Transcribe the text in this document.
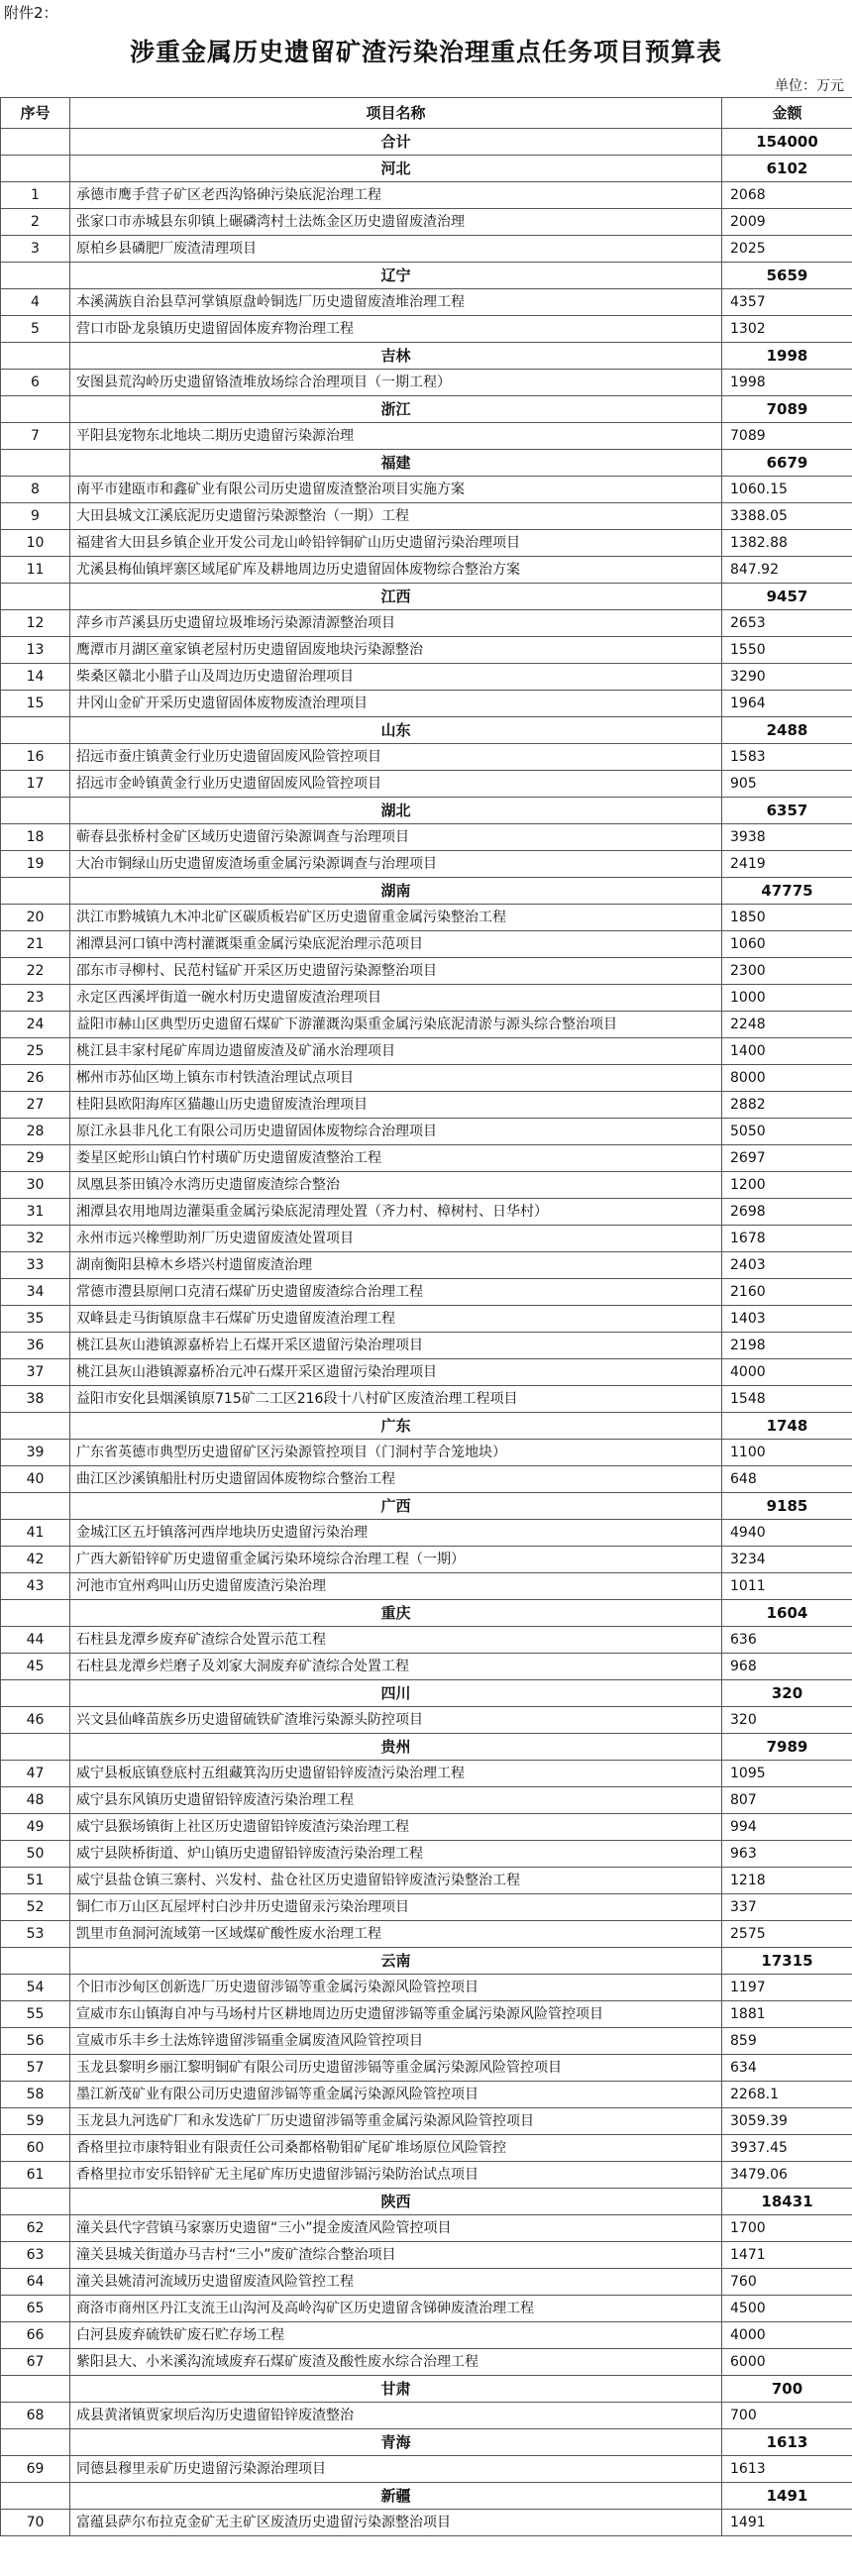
附件2：
涉重金属历史遗留矿渣污染治理重点任务项目预算表
单位：万元
序号	项目名称	金额
	合计	154000
	河北	6102
1	承德市鹰手营子矿区老西沟铬砷污染底泥治理工程	2068
2	张家口市赤城县东卯镇上碾磷湾村土法炼金区历史遗留废渣治理	2009
3	原柏乡县磷肥厂废渣清理项目	2025
	辽宁	5659
4	本溪满族自治县草河掌镇原盘岭铜选厂历史遗留废渣堆治理工程	4357
5	营口市卧龙泉镇历史遗留固体废弃物治理工程	1302
	吉林	1998
6	安图县荒沟岭历史遗留铬渣堆放场综合治理项目（一期工程）	1998
	浙江	7089
7	平阳县宠物东北地块二期历史遗留污染源治理	7089
	福建	6679
8	南平市建瓯市和鑫矿业有限公司历史遗留废渣整治项目实施方案	1060.15
9	大田县城文江溪底泥历史遗留污染源整治（一期）工程	3388.05
10	福建省大田县乡镇企业开发公司龙山岭铅锌铜矿山历史遗留污染治理项目	1382.88
11	尤溪县梅仙镇坪寨区域尾矿库及耕地周边历史遗留固体废物综合整治方案	847.92
	江西	9457
12	萍乡市芦溪县历史遗留垃圾堆场污染源清源整治项目	2653
13	鹰潭市月湖区童家镇老屋村历史遗留固废地块污染源整治	1550
14	柴桑区赣北小腊子山及周边历史遗留治理项目	3290
15	井冈山金矿开采历史遗留固体废物废渣治理项目	1964
	山东	2488
16	招远市蚕庄镇黄金行业历史遗留固废风险管控项目	1583
17	招远市金岭镇黄金行业历史遗留固废风险管控项目	905
	湖北	6357
18	蕲春县张桥村金矿区域历史遗留污染源调查与治理项目	3938
19	大冶市铜绿山历史遗留废渣场重金属污染源调查与治理项目	2419
	湖南	47775
20	洪江市黔城镇九木冲北矿区碳质板岩矿区历史遗留重金属污染整治工程	1850
21	湘潭县河口镇中湾村灌溉渠重金属污染底泥治理示范项目	1060
22	邵东市寻柳村、民范村锰矿开采区历史遗留污染源整治项目	2300
23	永定区西溪坪街道一碗水村历史遗留废渣治理项目	1000
24	益阳市赫山区典型历史遗留石煤矿下游灌溉沟渠重金属污染底泥清淤与源头综合整治项目	2248
25	桃江县丰家村尾矿库周边遗留废渣及矿涌水治理项目	1400
26	郴州市苏仙区坳上镇东市村铁渣治理试点项目	8000
27	桂阳县欧阳海库区猫趣山历史遗留废渣治理项目	2882
28	原江永县非凡化工有限公司历史遗留固体废物综合治理项目	5050
29	娄星区蛇形山镇白竹村璜矿历史遗留废渣整治工程	2697
30	凤凰县茶田镇冷水湾历史遗留废渣综合整治	1200
31	湘潭县农用地周边灌渠重金属污染底泥清理处置（齐力村、樟树村、日华村）	2698
32	永州市远兴橡塑助剂厂历史遗留废渣处置项目	1678
33	湖南衡阳县樟木乡塔兴村遗留废渣治理	2403
34	常德市澧县原闸口克清石煤矿历史遗留废渣综合治理工程	2160
35	双峰县走马街镇原盘丰石煤矿历史遗留废渣治理工程	1403
36	桃江县灰山港镇源嘉桥岩上石煤开采区遗留污染治理项目	2198
37	桃江县灰山港镇源嘉桥冶元冲石煤开采区遗留污染治理项目	4000
38	益阳市安化县烟溪镇原715矿二工区216段十八村矿区废渣治理工程项目	1548
	广东	1748
39	广东省英德市典型历史遗留矿区污染源管控项目（门洞村芋合笼地块）	1100
40	曲江区沙溪镇船肚村历史遗留固体废物综合整治工程	648
	广西	9185
41	金城江区五圩镇落河西岸地块历史遗留污染治理	4940
42	广西大新铅锌矿历史遗留重金属污染环境综合治理工程（一期）	3234
43	河池市宜州鸡叫山历史遗留废渣污染治理	1011
	重庆	1604
44	石柱县龙潭乡废弃矿渣综合处置示范工程	636
45	石柱县龙潭乡烂磨子及刘家大洞废弃矿渣综合处置工程	968
	四川	320
46	兴文县仙峰苗族乡历史遗留硫铁矿渣堆污染源头防控项目	320
	贵州	7989
47	威宁县板底镇登底村五组藏箕沟历史遗留铅锌废渣污染治理工程	1095
48	威宁县东风镇历史遗留铅锌废渣污染治理工程	807
49	威宁县猴场镇街上社区历史遗留铅锌废渣污染治理工程	994
50	威宁县陕桥街道、炉山镇历史遗留铅锌废渣污染治理工程	963
51	威宁县盐仓镇三寨村、兴发村、盐仓社区历史遗留铅锌废渣污染整治工程	1218
52	铜仁市万山区瓦屋坪村白沙井历史遗留汞污染治理项目	337
53	凯里市鱼洞河流域第一区域煤矿酸性废水治理工程	2575
	云南	17315
54	个旧市沙甸区创新选厂历史遗留涉镉等重金属污染源风险管控项目	1197
55	宣威市东山镇海自冲与马场村片区耕地周边历史遗留涉镉等重金属污染源风险管控项目	1881
56	宣威市乐丰乡土法炼锌遗留涉镉重金属废渣风险管控项目	859
57	玉龙县黎明乡丽江黎明铜矿有限公司历史遗留涉镉等重金属污染源风险管控项目	634
58	墨江新茂矿业有限公司历史遗留涉镉等重金属污染源风险管控项目	2268.1
59	玉龙县九河选矿厂和永发选矿厂历史遗留涉镉等重金属污染源风险管控项目	3059.39
60	香格里拉市康特钼业有限责任公司桑都格勒钼矿尾矿堆场原位风险管控	3937.45
61	香格里拉市安乐铅锌矿无主尾矿库历史遗留涉镉污染防治试点项目	3479.06
	陕西	18431
62	潼关县代字营镇马家寨历史遗留“三小”提金废渣风险管控项目	1700
63	潼关县城关街道办马吉村“三小”废矿渣综合整治项目	1471
64	潼关县姚清河流域历史遗留废渣风险管控工程	760
65	商洛市商州区丹江支流王山沟河及高岭沟矿区历史遗留含锑砷废渣治理工程	4500
66	白河县废弃硫铁矿废石贮存场工程	4000
67	紫阳县大、小米溪沟流域废弃石煤矿废渣及酸性废水综合治理工程	6000
	甘肃	700
68	成县黄渚镇贾家坝后沟历史遗留铅锌废渣整治	700
	青海	1613
69	同德县穆里汞矿历史遗留污染源治理项目	1613
	新疆	1491
70	富蕴县萨尔布拉克金矿无主矿区废渣历史遗留污染源整治项目	1491
